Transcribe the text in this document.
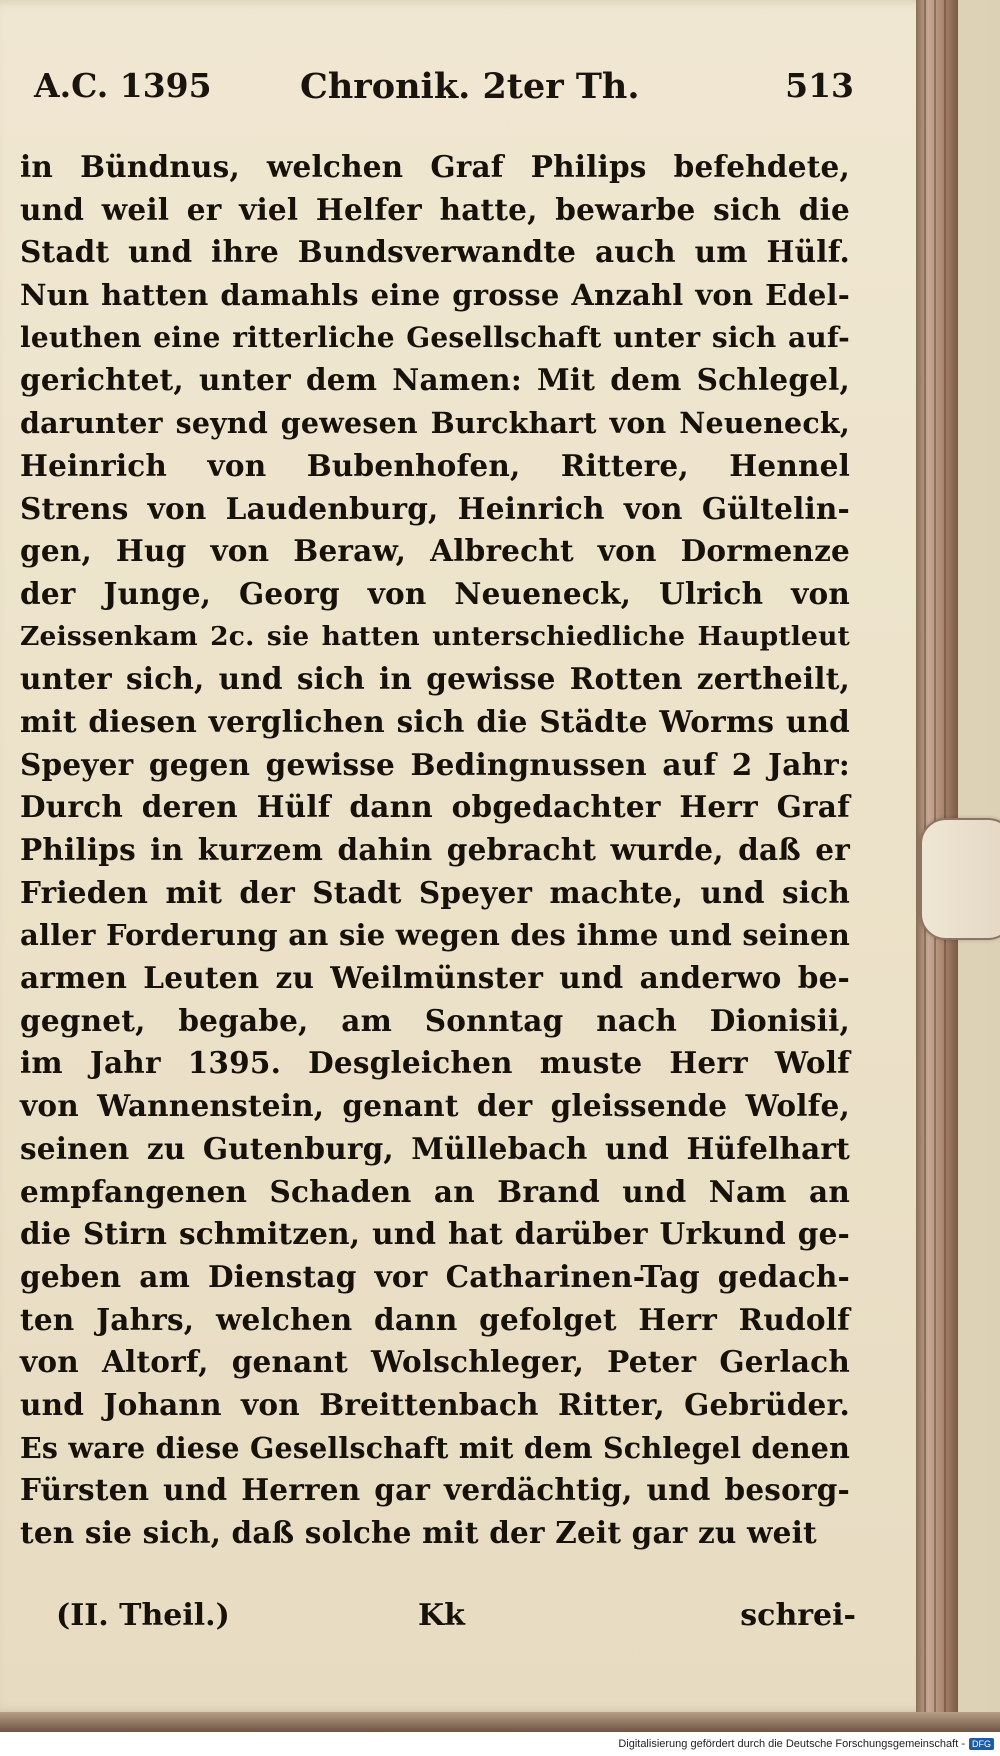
A.C. 1395	Chronik. 2ter Th.	513
in Bündnus, welchen Graf Philips befehdete,
und weil er viel Helfer hatte, bewarbe sich die
Stadt und ihre Bundsverwandte auch um Hülf.
Nun hatten damahls eine grosse Anzahl von Edel-
leuthen eine ritterliche Gesellschaft unter sich auf-
gerichtet, unter dem Namen: Mit dem Schlegel,
darunter seynd gewesen Burckhart von Neueneck,
Heinrich von Bubenhofen, Rittere, Hennel
Strens von Laudenburg, Heinrich von Gültelin-
gen, Hug von Beraw, Albrecht von Dormenze
der Junge, Georg von Neueneck, Ulrich von
Zeissenkam 2c. sie hatten unterschiedliche Hauptleut
unter sich, und sich in gewisse Rotten zertheilt,
mit diesen verglichen sich die Städte Worms und
Speyer gegen gewisse Bedingnussen auf 2 Jahr:
Durch deren Hülf dann obgedachter Herr Graf
Philips in kurzem dahin gebracht wurde, daß er
Frieden mit der Stadt Speyer machte, und sich
aller Forderung an sie wegen des ihme und seinen
armen Leuten zu Weilmünster und anderwo be-
gegnet, begabe, am Sonntag nach Dionisii,
im Jahr 1395. Desgleichen muste Herr Wolf
von Wannenstein, genant der gleissende Wolfe,
seinen zu Gutenburg, Müllebach und Hüfelhart
empfangenen Schaden an Brand und Nam an
die Stirn schmitzen, und hat darüber Urkund ge-
geben am Dienstag vor Catharinen-Tag gedach-
ten Jahrs, welchen dann gefolget Herr Rudolf
von Altorf, genant Wolschleger, Peter Gerlach
und Johann von Breittenbach Ritter, Gebrüder.
Es ware diese Gesellschaft mit dem Schlegel denen
Fürsten und Herren gar verdächtig, und besorg-
ten sie sich, daß solche mit der Zeit gar zu weit
(II. Theil.)	Kk	schrei-
Digitalisierung gefördert durch die Deutsche Forschungsgemeinschaft - DFG
